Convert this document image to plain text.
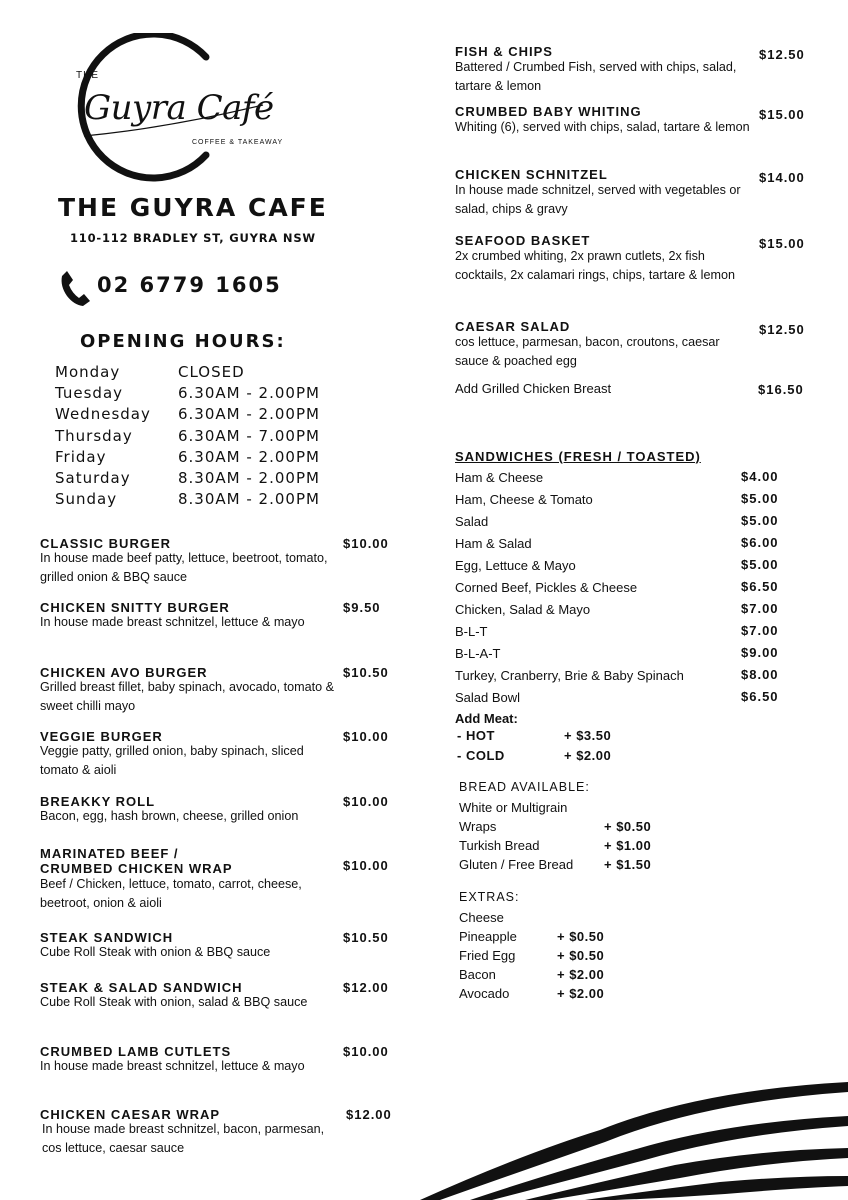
THE
Guyra Café
COFFEE & TAKEAWAY
THE GUYRA CAFE
110-112 BRADLEY ST, GUYRA NSW
02 6779 1605
OPENING HOURS:
Monday	CLOSED
Tuesday	6.30AM - 2.00PM
Wednesday 6.30AM - 2.00PM
Thursday	6.30AM - 7.00PM
Friday	6.30AM - 2.00PM
Saturday	8.30AM - 2.00PM
Sunday	8.30AM - 2.00PM
CLASSIC BURGER	$10.00
In house made beef patty, lettuce, beetroot, tomato, grilled onion & BBQ sauce
CHICKEN SNITTY BURGER	$9.50
In house made breast schnitzel, lettuce & mayo
CHICKEN AVO BURGER	$10.50
Grilled breast fillet, baby spinach, avocado, tomato & sweet chilli mayo
VEGGIE BURGER	$10.00
Veggie patty, grilled onion, baby spinach, sliced tomato & aioli
BREAKKY ROLL	$10.00
Bacon, egg, hash brown, cheese, grilled onion
MARINATED BEEF / CRUMBED CHICKEN WRAP	$10.00
Beef / Chicken, lettuce, tomato, carrot, cheese, beetroot, onion & aioli
STEAK SANDWICH	$10.50
Cube Roll Steak with onion & BBQ sauce
STEAK & SALAD SANDWICH	$12.00
Cube Roll Steak with onion, salad & BBQ sauce
CRUMBED LAMB CUTLETS	$10.00
In house made breast schnitzel, lettuce & mayo
CHICKEN CAESAR WRAP	$12.00
In house made breast schnitzel, bacon, parmesan, cos lettuce, caesar sauce
FISH & CHIPS	$12.50
Battered / Crumbed Fish, served with chips, salad, tartare & lemon
CRUMBED BABY WHITING	$15.00
Whiting (6), served with chips, salad, tartare & lemon
CHICKEN SCHNITZEL	$14.00
In house made schnitzel, served with vegetables or salad, chips & gravy
SEAFOOD BASKET	$15.00
2x crumbed whiting, 2x prawn cutlets, 2x fish cocktails, 2x calamari rings, chips, tartare & lemon
CAESAR SALAD	$12.50
cos lettuce, parmesan, bacon, croutons, caesar sauce & poached egg
Add Grilled Chicken Breast	$16.50
SANDWICHES (FRESH / TOASTED)
Ham & Cheese	$4.00
Ham, Cheese & Tomato	$5.00
Salad	$5.00
Ham & Salad	$6.00
Egg, Lettuce & Mayo	$5.00
Corned Beef, Pickles & Cheese	$6.50
Chicken, Salad & Mayo	$7.00
B-L-T	$7.00
B-L-A-T	$9.00
Turkey, Cranberry, Brie & Baby Spinach	$8.00
Salad Bowl	$6.50
Add Meat:
- HOT	+ $3.50
- COLD	+ $2.00
BREAD AVAILABLE:
White or Multigrain
Wraps	+ $0.50
Turkish Bread	+ $1.00
Gluten / Free Bread + $1.50
EXTRAS:
Cheese
Pineapple	+ $0.50
Fried Egg	+ $0.50
Bacon	+ $2.00
Avocado	+ $2.00
